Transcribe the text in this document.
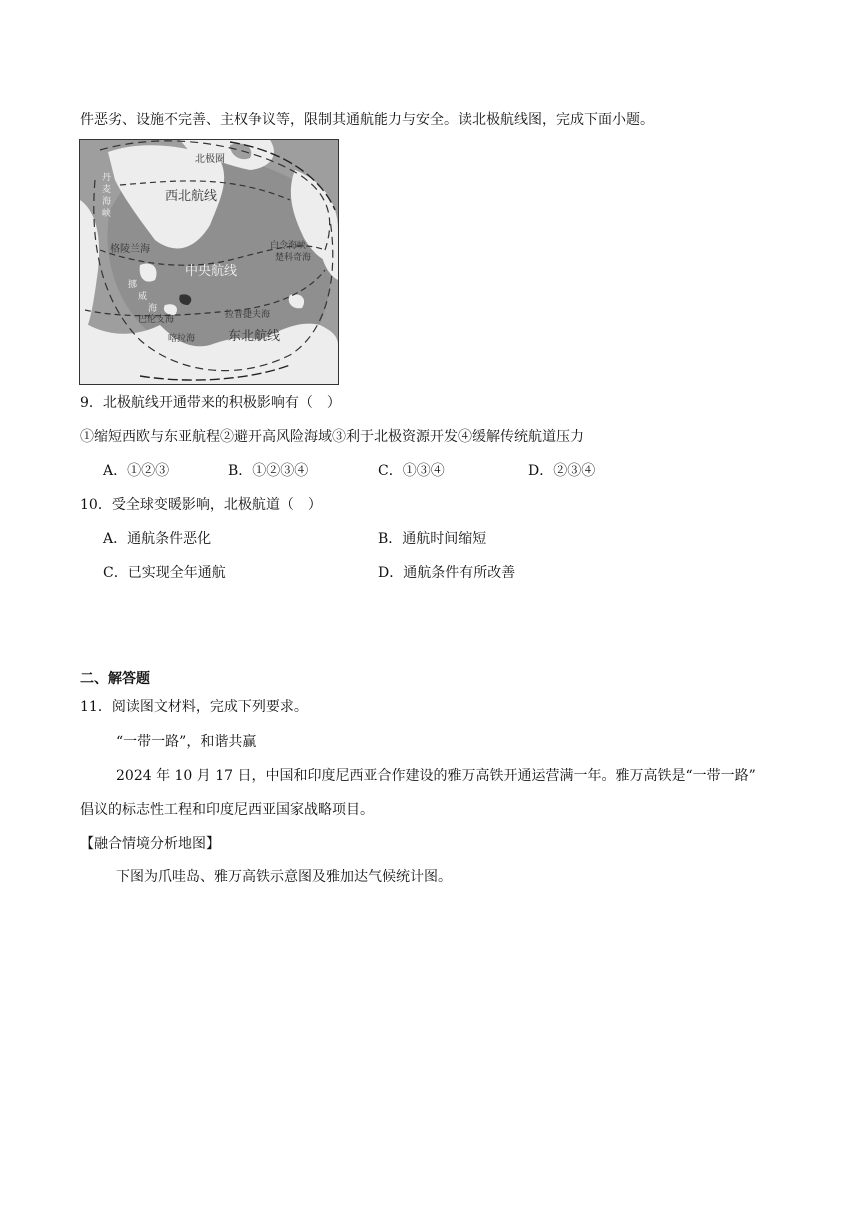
件恶劣、设施不完善、主权争议等，限制其通航能力与安全。读北极航线图，完成下面小题。
北极圈
西北航线
丹
麦
海
峡
格陵兰海
中央航线
白令海峡
楚科奇海
挪
威
海
巴伦支海
喀拉海
拉普捷夫海
东北航线
9．北极航线开通带来的积极影响有（　）
①缩短西欧与东亚航程②避开高风险海域③利于北极资源开发④缓解传统航道压力
A．①②③	B．①②③④	C．①③④	D．②③④
10．受全球变暖影响，北极航道（　）
A．通航条件恶化	B．通航时间缩短
C．已实现全年通航	D．通航条件有所改善
二、解答题
11．阅读图文材料，完成下列要求。
“一带一路”，和谐共赢
2024 年 10 月 17 日，中国和印度尼西亚合作建设的雅万高铁开通运营满一年。雅万高铁是“一带一路”
倡议的标志性工程和印度尼西亚国家战略项目。
【融合情境分析地图】
下图为爪哇岛、雅万高铁示意图及雅加达气候统计图。
